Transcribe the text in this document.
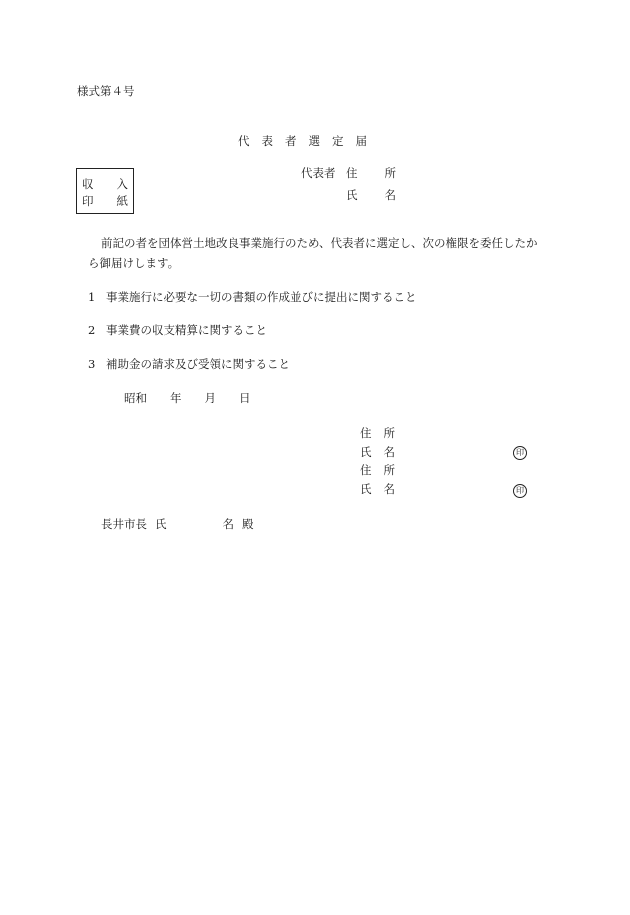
様式第４号
代 表 者 選 定 届
収 入
印 紙
代表者 住 所
氏 名
前記の者を団体営土地改良事業施行のため、代表者に選定し、次の権限を委任したか
ら御届けします。
1 事業施行に必要な一切の書類の作成並びに提出に関すること
2 事業費の収支精算に関すること
3 補助金の請求及び受領に関すること
昭和 年 月 日
住 所
氏 名	印
住 所
氏 名	印
長井市長 氏	名 殿
